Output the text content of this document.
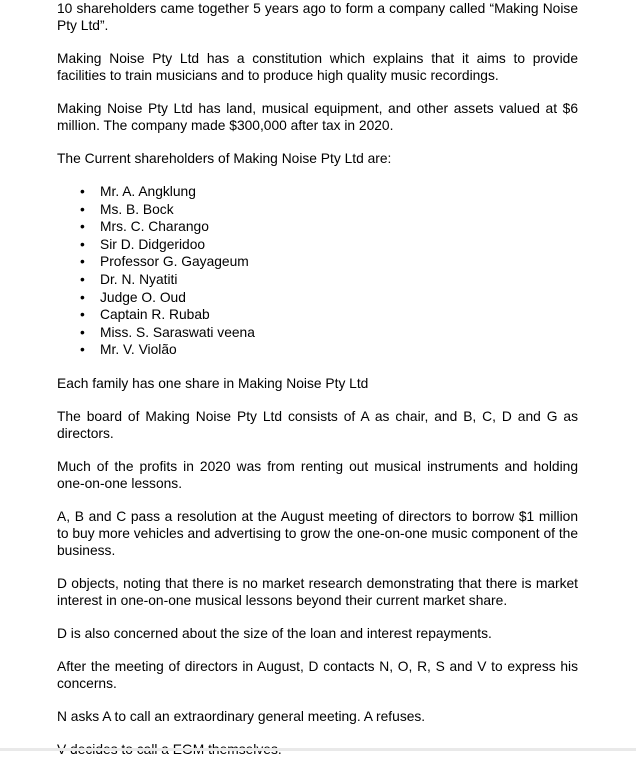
10 shareholders came together 5 years ago to form a company called “Making Noise Pty Ltd”.

Making Noise Pty Ltd has a constitution which explains that it aims to provide facilities to train musicians and to produce high quality music recordings.

Making Noise Pty Ltd has land, musical equipment, and other assets valued at $6 million. The company made $300,000 after tax in 2020.

The Current shareholders of Making Noise Pty Ltd are:

• Mr. A. Angklung
• Ms. B. Bock
• Mrs. C. Charango
• Sir D. Didgeridoo
• Professor G. Gayageum
• Dr. N. Nyatiti
• Judge O. Oud
• Captain R. Rubab
• Miss. S. Saraswati veena
• Mr. V. Violão

Each family has one share in Making Noise Pty Ltd

The board of Making Noise Pty Ltd consists of A as chair, and B, C, D and G as directors.

Much of the profits in 2020 was from renting out musical instruments and holding one-on-one lessons.

A, B and C pass a resolution at the August meeting of directors to borrow $1 million to buy more vehicles and advertising to grow the one-on-one music component of the business.

D objects, noting that there is no market research demonstrating that there is market interest in one-on-one musical lessons beyond their current market share.

D is also concerned about the size of the loan and interest repayments.

After the meeting of directors in August, D contacts N, O, R, S and V to express his concerns.

N asks A to call an extraordinary general meeting. A refuses.
